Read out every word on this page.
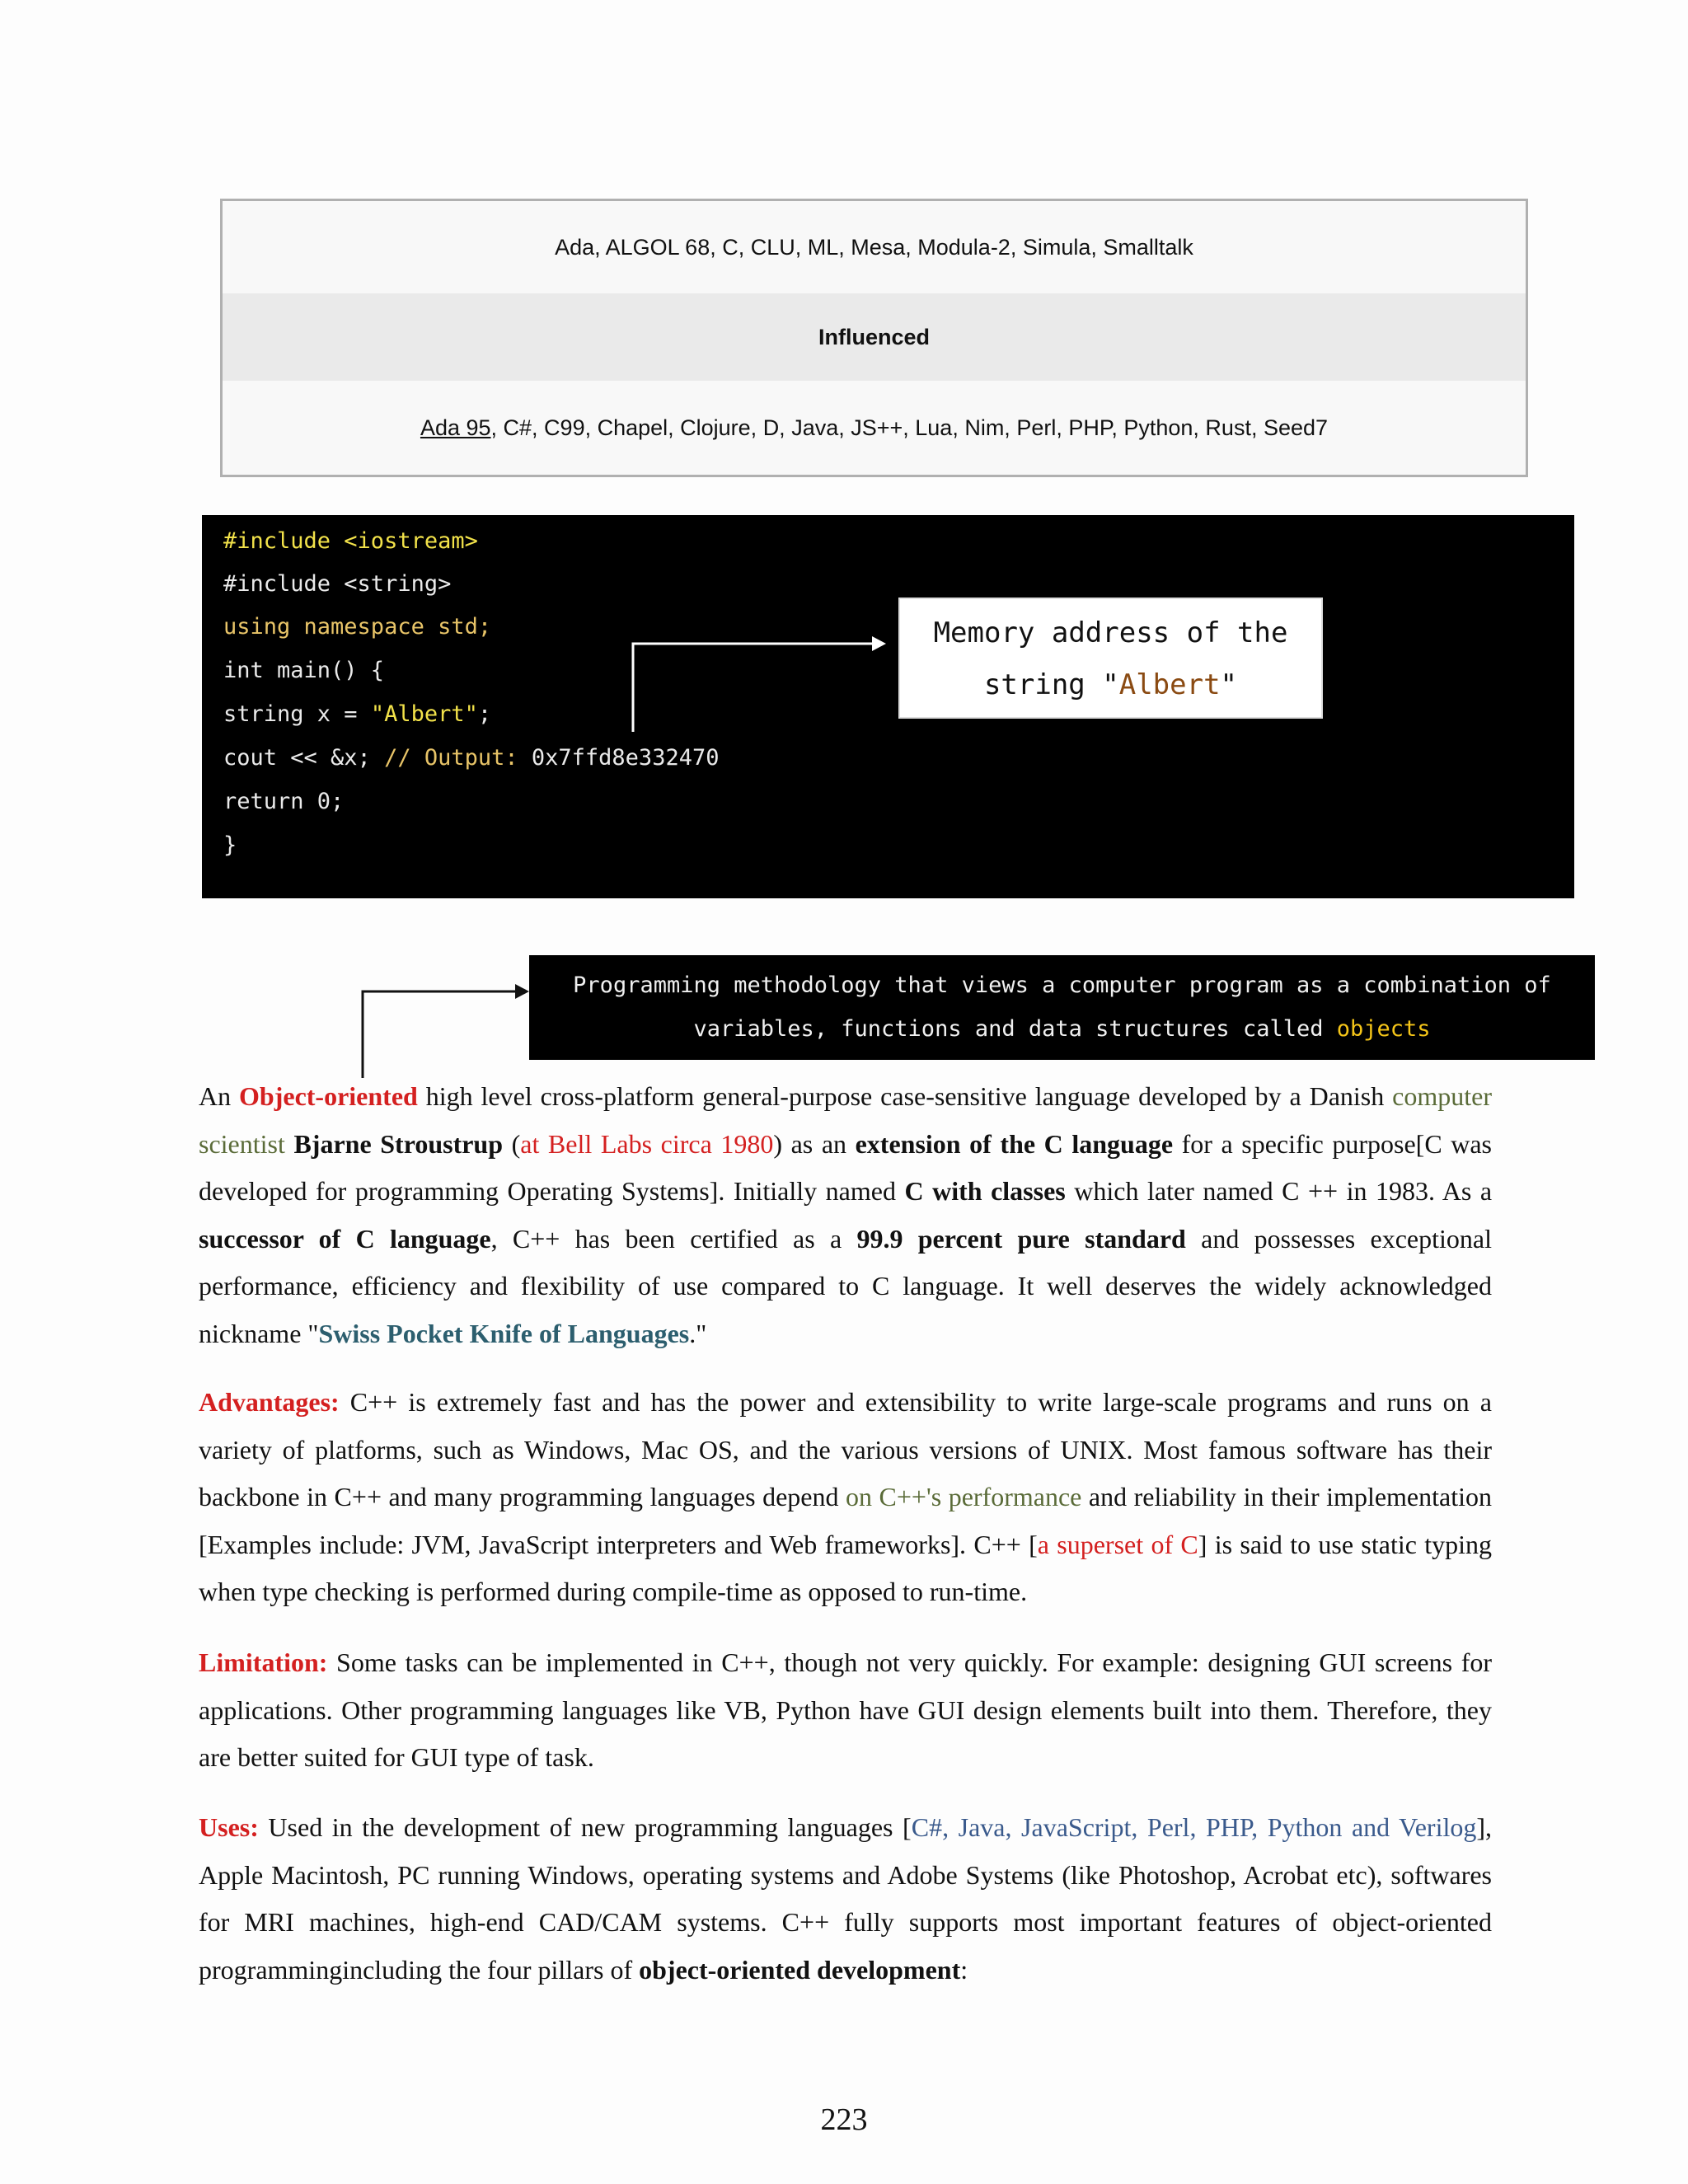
Ada, ALGOL 68, C, CLU, ML, Mesa, Modula-2, Simula, Smalltalk
Influenced
Ada 95, C#, C99, Chapel, Clojure, D, Java, JS++, Lua, Nim, Perl, PHP, Python, Rust, Seed7
#include <iostream>
#include <string>
using namespace std;
int main() {
string x = "Albert";
cout << &x; // Output: 0x7ffd8e332470
return 0;
}
Memory address of the
string "Albert"
Programming methodology that views a computer program as a combination of
variables, functions and data structures called objects
An Object-oriented high level cross-platform general-purpose case-sensitive language developed by a Danish computer scientist Bjarne Stroustrup (at Bell Labs circa 1980) as an extension of the C language for a specific purpose[C was developed for programming Operating Systems]. Initially named C with classes which later named C ++ in 1983. As a successor of C language, C++ has been certified as a 99.9 percent pure standard and possesses exceptional performance, efficiency and flexibility of use compared to C language. It well deserves the widely acknowledged nickname "Swiss Pocket Knife of Languages."
Advantages: C++ is extremely fast and has the power and extensibility to write large-scale programs and runs on a variety of platforms, such as Windows, Mac OS, and the various versions of UNIX. Most famous software has their backbone in C++ and many programming languages depend on C++'s performance and reliability in their implementation [Examples include: JVM, JavaScript interpreters and Web frameworks]. C++ [a superset of C] is said to use static typing when type checking is performed during compile-time as opposed to run-time.
Limitation: Some tasks can be implemented in C++, though not very quickly. For example: designing GUI screens for applications. Other programming languages like VB, Python have GUI design elements built into them. Therefore, they are better suited for GUI type of task.
Uses: Used in the development of new programming languages [C#, Java, JavaScript, Perl, PHP, Python and Verilog], Apple Macintosh, PC running Windows, operating systems and Adobe Systems (like Photoshop, Acrobat etc), softwares for MRI machines, high-end CAD/CAM systems. C++ fully supports most important features of object-oriented programmingincluding the four pillars of object-oriented development:
223
